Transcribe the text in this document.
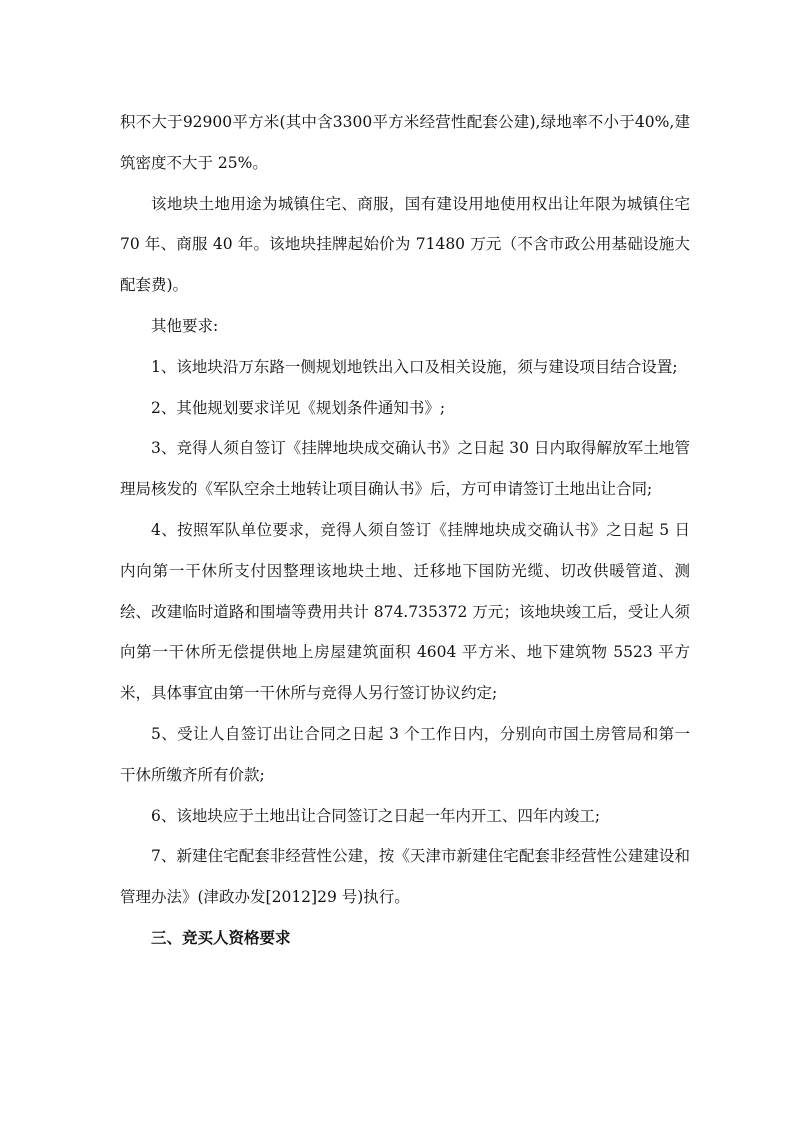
积不大于92900平方米(其中含3300平方米经营性配套公建),绿地率不小于40%,建筑密度不大于 25%。

该地块土地用途为城镇住宅、商服，国有建设用地使用权出让年限为城镇住宅 70 年、商服 40 年。该地块挂牌起始价为 71480 万元（不含市政公用基础设施大配套费)。

其他要求:

1、该地块沿万东路一侧规划地铁出入口及相关设施，须与建设项目结合设置;

2、其他规划要求详见《规划条件通知书》;

3、竞得人须自签订《挂牌地块成交确认书》之日起 30 日内取得解放军土地管理局核发的《军队空余土地转让项目确认书》后，方可申请签订土地出让合同;

4、按照军队单位要求，竞得人须自签订《挂牌地块成交确认书》之日起 5 日内向第一干休所支付因整理该地块土地、迁移地下国防光缆、切改供暖管道、测绘、改建临时道路和围墙等费用共计 874.735372 万元；该地块竣工后，受让人须向第一干休所无偿提供地上房屋建筑面积 4604 平方米、地下建筑物 5523 平方米，具体事宜由第一干休所与竞得人另行签订协议约定;

5、受让人自签订出让合同之日起 3 个工作日内，分别向市国土房管局和第一干休所缴齐所有价款;

6、该地块应于土地出让合同签订之日起一年内开工、四年内竣工;

7、新建住宅配套非经营性公建，按《天津市新建住宅配套非经营性公建建设和管理办法》(津政办发[2012]29 号)执行。

三、竞买人资格要求
